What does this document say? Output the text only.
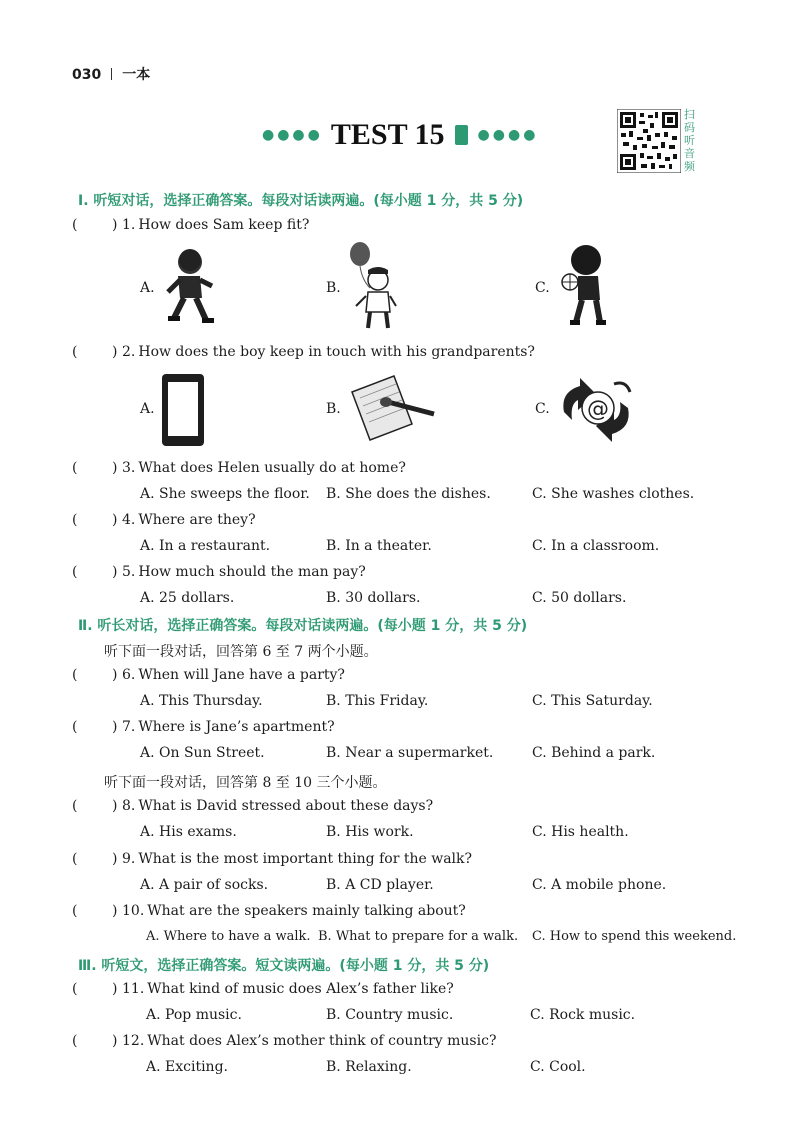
030 一本
●●●● TEST 15 ●●●●
扫码听音频
Ⅰ. 听短对话，选择正确答案。每段对话读两遍。(每小题 1 分，共 5 分)
( )
1. How does Sam keep fit?
A.	B.	C.
( )
2. How does the boy keep in touch with his grandparents?
A.	B.	C. @
( )
3. What does Helen usually do at home?
A. She sweeps the floor. B. She does the dishes.	C. She washes clothes.
( )
4. Where are they?
A. In a restaurant.	B. In a theater.	C. In a classroom.
( )
5. How much should the man pay?
A. 25 dollars.	B. 30 dollars.	C. 50 dollars.
Ⅱ. 听长对话，选择正确答案。每段对话读两遍。(每小题 1 分，共 5 分)
听下面一段对话，回答第 6 至 7 两个小题。
( )
6. When will Jane have a party?
A. This Thursday.	B. This Friday.	C. This Saturday.
( )
7. Where is Jane’s apartment?
A. On Sun Street.	B. Near a supermarket.	C. Behind a park.
听下面一段对话，回答第 8 至 10 三个小题。
( )
8. What is David stressed about these days?
A. His exams.	B. His work.	C. His health.
( )
9. What is the most important thing for the walk?
A. A pair of socks.	B. A CD player.	C. A mobile phone.
( )
10. What are the speakers mainly talking about?
A. Where to have a walk. B. What to prepare for a walk. C. How to spend this weekend.
Ⅲ. 听短文，选择正确答案。短文读两遍。(每小题 1 分，共 5 分)
( )
11. What kind of music does Alex’s father like?
A. Pop music.	B. Country music.	C. Rock music.
( )
12. What does Alex’s mother think of country music?
A. Exciting.	B. Relaxing.	C. Cool.
